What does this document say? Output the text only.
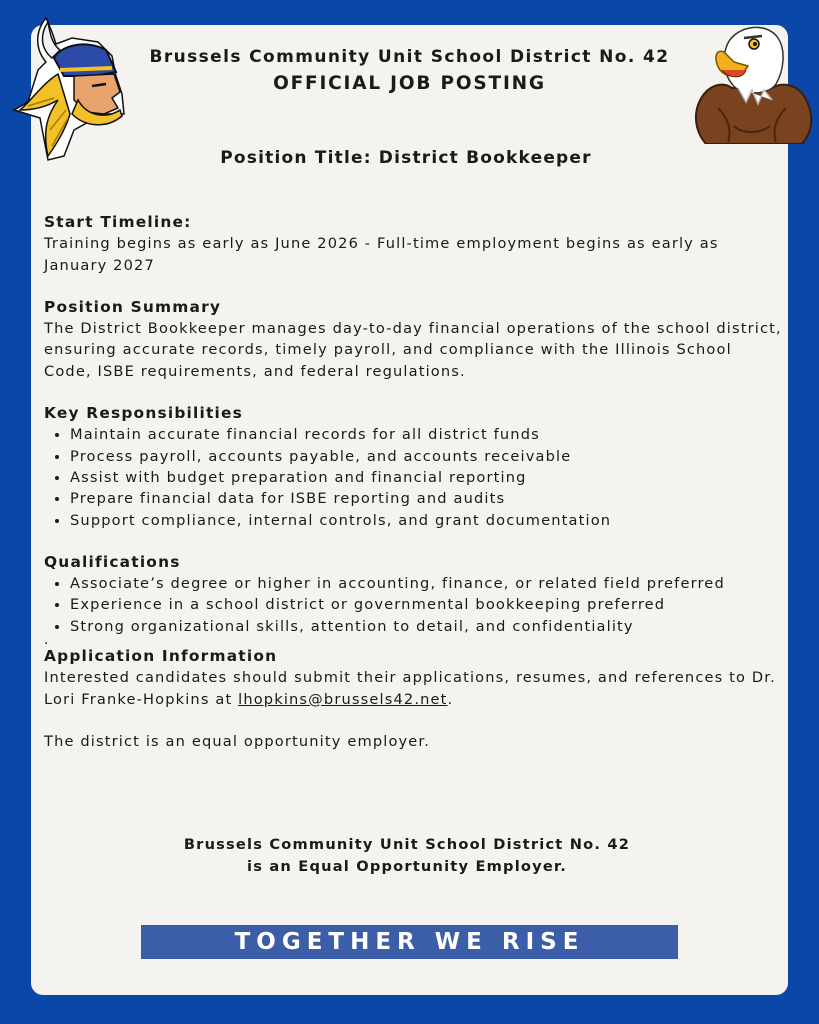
Brussels Community Unit School District No. 42
OFFICIAL JOB POSTING
Position Title: District Bookkeeper
Start Timeline:

Training begins as early as June 2026 - Full-time employment begins as early as January 2027

Position Summary

The District Bookkeeper manages day-to-day financial operations of the school district, ensuring accurate records, timely payroll, and compliance with the Illinois School Code, ISBE requirements, and federal regulations.

Key Responsibilities
• Maintain accurate financial records for all district funds
• Process payroll, accounts payable, and accounts receivable
• Assist with budget preparation and financial reporting
• Prepare financial data for ISBE reporting and audits
• Support compliance, internal controls, and grant documentation
Qualifications
• Associate’s degree or higher in accounting, finance, or related field preferred
• Experience in a school district or governmental bookkeeping preferred
• Strong organizational skills, attention to detail, and confidentiality
.
Application Information

Interested candidates should submit their applications, resumes, and references to Dr. Lori Franke-Hopkins at lhopkins@brussels42.net.

The district is an equal opportunity employer.

Brussels Community Unit School District No. 42
is an Equal Opportunity Employer.
TOGETHER WE RISE
